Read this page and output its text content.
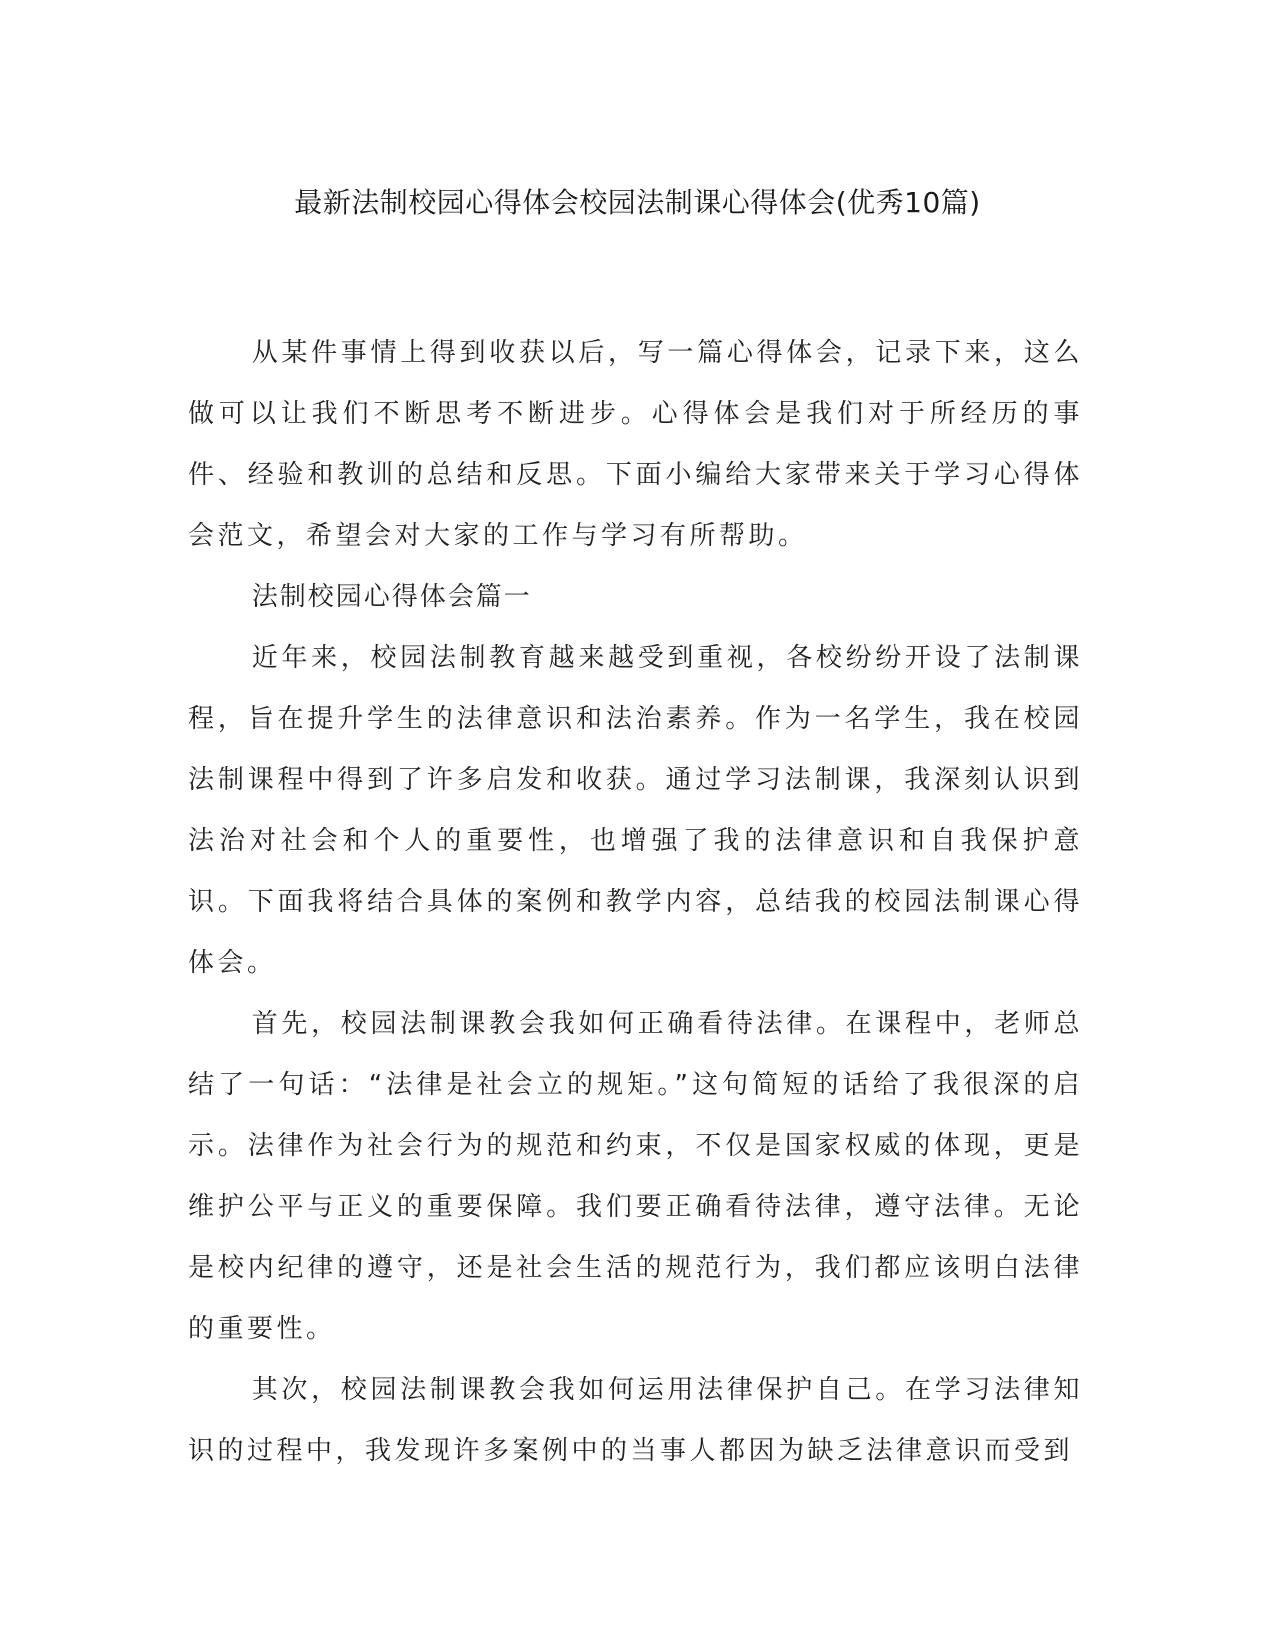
最新法制校园心得体会校园法制课心得体会(优秀10篇)

从某件事情上得到收获以后，写一篇心得体会，记录下来，这么做可以让我们不断思考不断进步。心得体会是我们对于所经历的事件、经验和教训的总结和反思。下面小编给大家带来关于学习心得体会范文，希望会对大家的工作与学习有所帮助。

法制校园心得体会篇一

近年来，校园法制教育越来越受到重视，各校纷纷开设了法制课程，旨在提升学生的法律意识和法治素养。作为一名学生，我在校园法制课程中得到了许多启发和收获。通过学习法制课，我深刻认识到法治对社会和个人的重要性，也增强了我的法律意识和自我保护意识。下面我将结合具体的案例和教学内容，总结我的校园法制课心得体会。

首先，校园法制课教会我如何正确看待法律。在课程中，老师总结了一句话：“法律是社会立的规矩。”这句简短的话给了我很深的启示。法律作为社会行为的规范和约束，不仅是国家权威的体现，更是维护公平与正义的重要保障。我们要正确看待法律，遵守法律。无论是校内纪律的遵守，还是社会生活的规范行为，我们都应该明白法律的重要性。

其次，校园法制课教会我如何运用法律保护自己。在学习法律知识的过程中，我发现许多案例中的当事人都因为缺乏法律意识而受到
